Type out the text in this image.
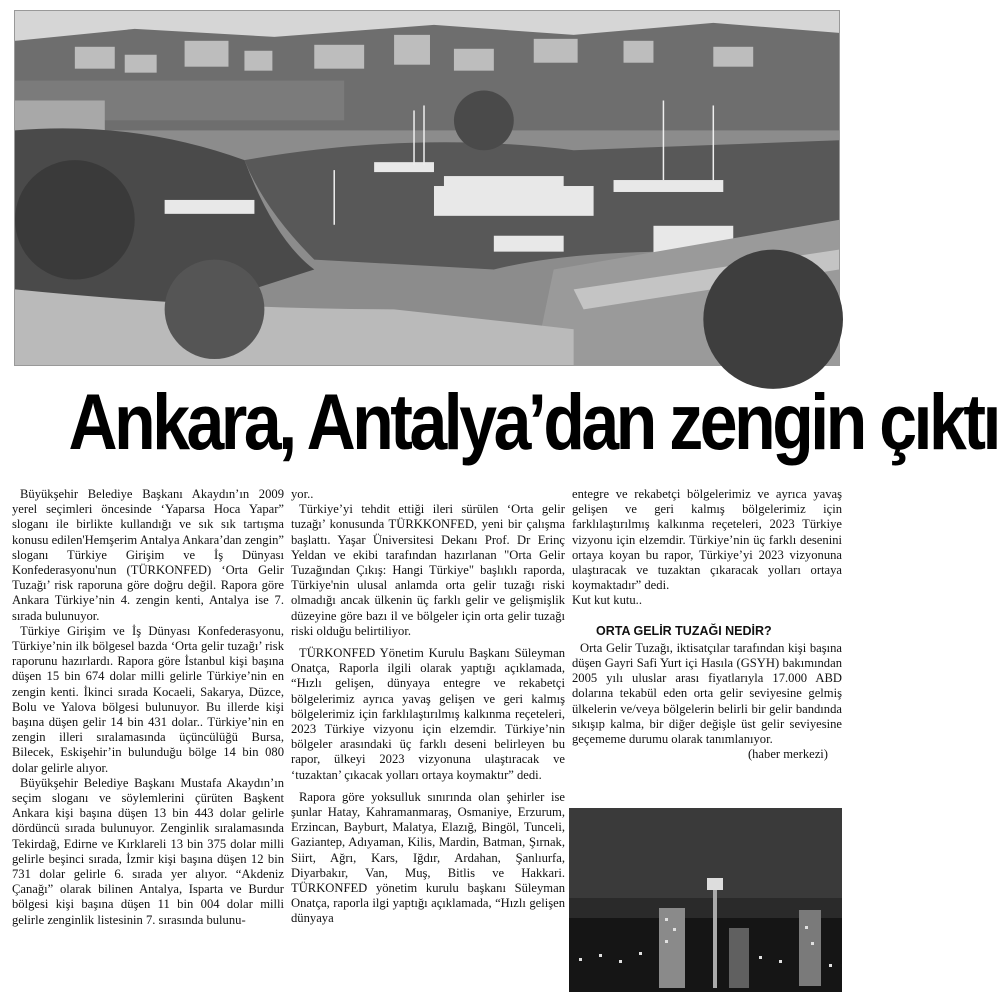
Ankara, Antalya’dan zengin çıktı

Büyükşehir Belediye Başkanı Akaydın’ın 2009 yerel seçimleri öncesinde ‘Yaparsa Hoca Yapar” sloganı ile birlikte kullandığı ve sık sık tartışma konusu edilen'Hemşerim Antalya Ankara’dan zengin” sloganı Türkiye Girişim ve İş Dünyası Konfederasyonu'nun (TÜRKONFED) ‘Orta Gelir Tuzağı’ risk raporuna göre doğru değil. Rapora göre Ankara Türkiye’nin 4. zengin kenti, Antalya ise 7. sırada bulunuyor.

Türkiye Girişim ve İş Dünyası Konfederasyonu, Türkiye’nin ilk bölgesel bazda ‘Orta gelir tuzağı’ risk raporunu hazırlardı. Rapora göre İstanbul kişi başına düşen 15 bin 674 dolar milli gelirle Türkiye’nin en zengin kenti. İkinci sırada Kocaeli, Sakarya, Düzce, Bolu ve Yalova bölgesi bulunuyor. Bu illerde kişi başına düşen gelir 14 bin 431 dolar.. Türkiye’nin en zengin illeri sıralamasında üçüncülüğü Bursa, Bilecek, Eskişehir’in bulunduğu bölge 14 bin 080 dolar gelirle alıyor.

Büyükşehir Belediye Başkanı Mustafa Akaydın’ın seçim sloganı ve söylemlerini çürüten Başkent Ankara kişi başına düşen 13 bin 443 dolar gelirle dördüncü sırada bulunuyor. Zenginlik sıralamasında Tekirdağ, Edirne ve Kırklareli 13 bin 375 dolar milli gelirle beşinci sırada, İzmir kişi başına düşen 12 bin 731 dolar gelirle 6. sırada yer alıyor. “Akdeniz Çanağı” olarak bilinen Antalya, Isparta ve Burdur bölgesi kişi başına düşen 11 bin 004 dolar milli gelirle zenginlik listesinin 7. sırasında bulunu-

yor..

Türkiye’yi tehdit ettiği ileri sürülen ‘Orta gelir tuzağı’ konusunda TÜRKKONFED, yeni bir çalışma başlattı. Yaşar Üniversitesi Dekanı Prof. Dr Erinç Yeldan ve ekibi tarafından hazırlanan "Orta Gelir Tuzağından Çıkış: Hangi Türkiye" başlıklı raporda, Türkiye'nin ulusal anlamda orta gelir tuzağı riski olmadığı ancak ülkenin üç farklı gelir ve gelişmişlik düzeyine göre bazı il ve bölgeler için orta gelir tuzağı riski olduğu belirtiliyor.

TÜRKONFED Yönetim Kurulu Başkanı Süleyman Onatça, Raporla ilgili olarak yaptığı açıklamada, “Hızlı gelişen, dünyaya entegre ve rekabetçi bölgelerimiz ayrıca yavaş gelişen ve geri kalmış bölgelerimiz için farklılaştırılmış kalkınma reçeteleri, 2023 Türkiye vizyonu için elzemdir. Türkiye’nin bölgeler arasındaki üç farklı deseni belirleyen bu rapor, ülkeyi 2023 vizyonuna ulaştıracak ve ‘tuzaktan’ çıkacak yolları ortaya koymaktır” dedi.

Rapora göre yoksulluk sınırında olan şehirler ise şunlar Hatay, Kahramanmaraş, Osmaniye, Erzurum, Erzincan, Bayburt, Malatya, Elazığ, Bingöl, Tunceli, Gaziantep, Adıyaman, Kilis, Mardin, Batman, Şırnak, Siirt, Ağrı, Kars, Iğdır, Ardahan, Şanlıurfa, Diyarbakır, Van, Muş, Bitlis ve Hakkari. TÜRKONFED yönetim kurulu başkanı Süleyman Onatça, raporla ilgi yaptığı açıklamada, “Hızlı gelişen dünyaya

entegre ve rekabetçi bölgelerimiz ve ayrıca yavaş gelişen ve geri kalmış bölgelerimiz için farklılaştırılmış kalkınma reçeteleri, 2023 Türkiye vizyonu için elzemdir. Türkiye’nin üç farklı desenini ortaya koyan bu rapor, Türkiye’yi 2023 vizyonuna ulaştıracak ve tuzaktan çıkaracak yolları ortaya koymaktadır” dedi.

Kut kut kutu..

ORTA GELİR TUZAĞI NEDİR?

Orta Gelir Tuzağı, iktisatçılar tarafından kişi başına düşen Gayri Safi Yurt içi Hasıla (GSYH) bakımından 2005 yılı uluslar arası fiyatlarıyla 17.000 ABD dolarına tekabül eden orta gelir seviyesine gelmiş ülkelerin ve/veya bölgelerin belirli bir gelir bandında sıkışıp kalma, bir diğer değişle üst gelir seviyesine geçememe durumu olarak tanımlanıyor.

(haber merkezi)
